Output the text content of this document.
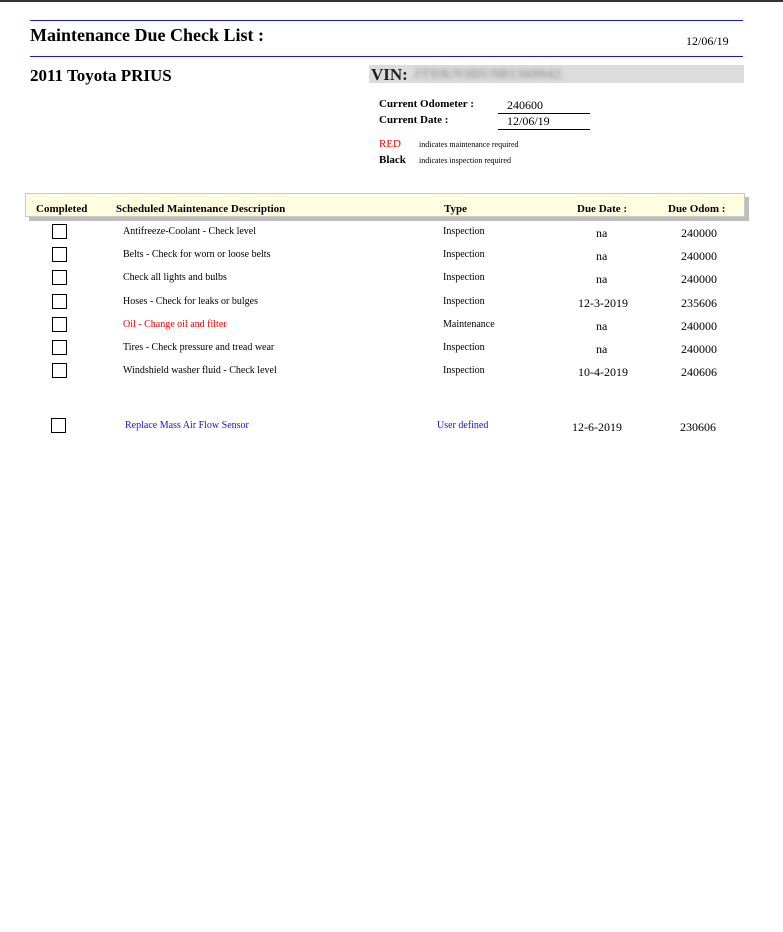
Maintenance Due Check List :	12/06/19
2011 Toyota PRIUS	VIN: JTDKN3DU9B1369942
Current Odometer :	240600
Current Date :	12/06/19
RED indicates maintenance required
Black indicates inspection required
Completed	Scheduled Maintenance Description	Type	Due Date :	Due Odom :
Antifreeze-Coolant - Check level	Inspection	na	240000
Belts - Check for worn or loose belts	Inspection	na	240000
Check all lights and bulbs	Inspection	na	240000
Hoses - Check for leaks or bulges	Inspection	12-3-2019	235606
Oil - Change oil and filter	Maintenance	na	240000
Tires - Check pressure and tread wear	Inspection	na	240000
Windshield washer fluid - Check level	Inspection	10-4-2019	240606
Replace Mass Air Flow Sensor	User defined	12-6-2019	230606
